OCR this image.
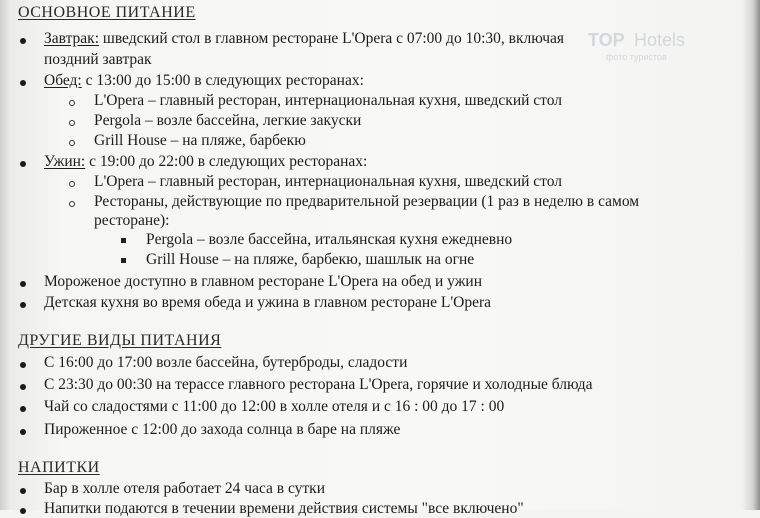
TOP Hotels
фото туристов
ОСНОВНОЕ ПИТАНИЕ
Завтрак: шведский стол в главном ресторане L'Opera с 07:00 до 10:30, включая
поздний завтрак
Обед: с 13:00 до 15:00 в следующих ресторанах:
L'Opera – главный ресторан, интернациональная кухня, шведский стол
Pergola – возле бассейна, легкие закуски
Grill House – на пляже, барбекю
Ужин: с 19:00 до 22:00 в следующих ресторанах:
L'Opera – главный ресторан, интернациональная кухня, шведский стол
Рестораны, действующие по предварительной резервации (1 раз в неделю в самом
ресторане):
Pergola – возле бассейна, итальянская кухня ежедневно
Grill House – на пляже, барбекю, шашлык на огне
Мороженое доступно в главном ресторане L'Opera на обед и ужин
Детская кухня во время обеда и ужина в главном ресторане L'Opera
ДРУГИЕ ВИДЫ ПИТАНИЯ
С 16:00 до 17:00 возле бассейна, бутерброды, сладости
С 23:30 до 00:30 на терассе главного ресторана L'Opera, горячие и холодные блюда
Чай со сладостями с 11:00 до 12:00 в холле отеля и с 16 : 00 до 17 : 00
Пироженное с 12:00 до захода солнца в баре на пляже
НАПИТКИ
Бар в холле отеля работает 24 часа в сутки
Напитки подаются в течении времени действия системы "все включено"
